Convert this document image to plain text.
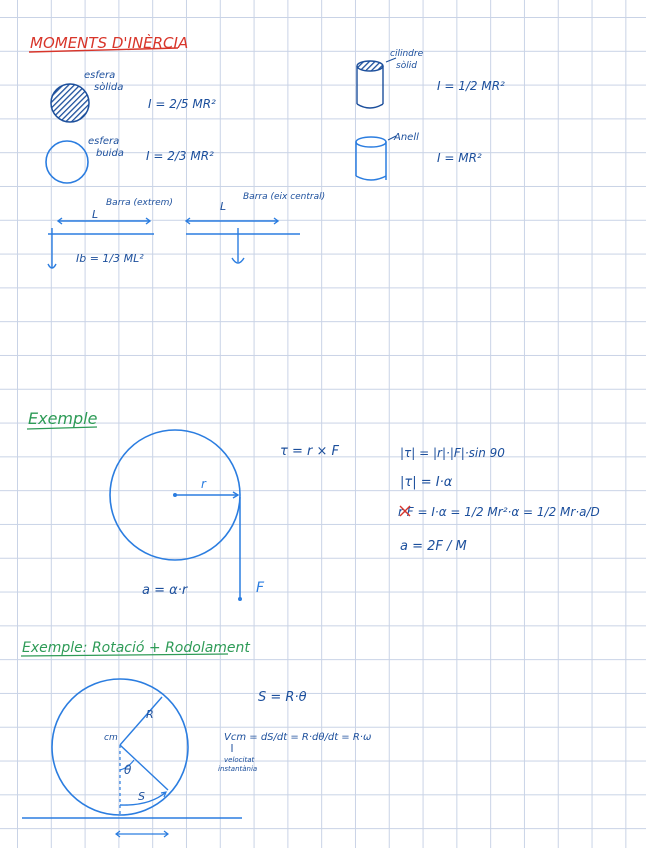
MOMENTS D'INÈRCIA
esfera
sòlida
I = 2/5 MR²
esfera
buida I = 2/3 MR²
cilindre
sòlid
I = 1/2 MR²
Anell
I = MR²
Barra (extrem)
L
Ib = 1/3 ML²
Barra (eix central)
L
Exemple
r
F
a = α·r
τ = r × F	|τ| = |r|·|F|·sin 90
|τ| = I·α
r·F = I·α = 1/2 Mr²·α = 1/2 Mr·a/D
a = 2F / M
Exemple: Rotació + Rodolament
cm
R
θ
S
S = R·θ
Vcm = dS/dt = R·dθ/dt = R·ω
velocitat
instantània
